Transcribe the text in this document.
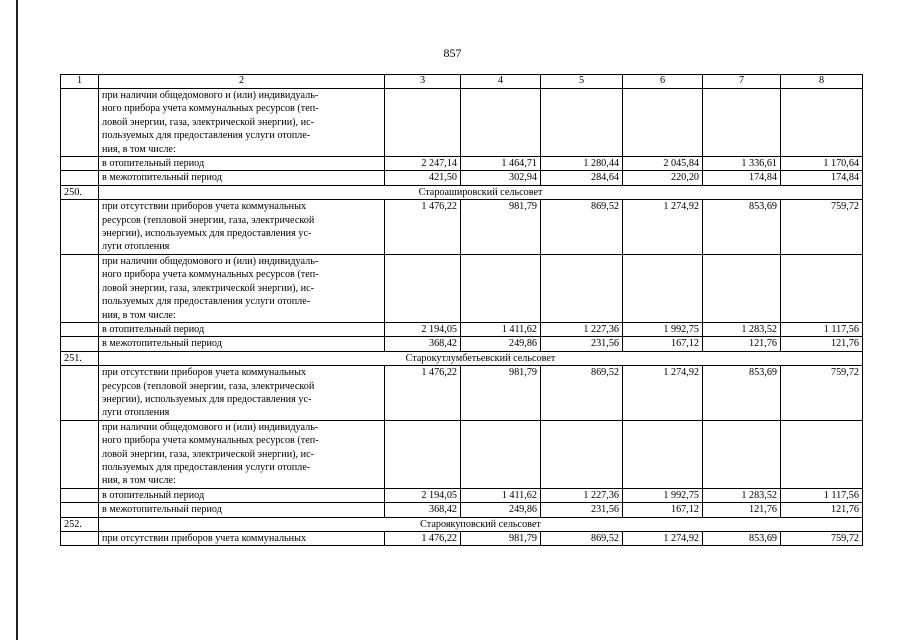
857
1	2	3	4	5	6	7	8

	при наличии общедомового и (или) индивидуаль-
ного прибора учета коммунальных ресурсов (теп-
ловой энергии, газа, электрической энергии), ис-
пользуемых для предоставления услуги отопле-
ния, в том числе:						

	в отопительный период	2 247,14	1 464,71	1 280,44	2 045,84	1 336,61	1 170,64
	в межотопительный период	421,50	302,94	284,64	220,20	174,84	174,84
250.	Староаширoвский сельсовет						

	при отсутствии приборов учета коммунальных
ресурсов (тепловой энергии, газа, электрической
энергии), используемых для предоставления ус-
луги отопления	1 476,22	981,79	869,52	1 274,92	853,69	759,72

	при наличии общедомового и (или) индивидуаль-
ного прибора учета коммунальных ресурсов (теп-
ловой энергии, газа, электрической энергии), ис-
пользуемых для предоставления услуги отопле-
ния, в том числе:						

	в отопительный период	2 194,05	1 411,62	1 227,36	1 992,75	1 283,52	1 117,56
	в межотопительный период	368,42	249,86	231,56	167,12	121,76	121,76
251.	Старокутлумбетьевский сельсовет						

	при отсутствии приборов учета коммунальных
ресурсов (тепловой энергии, газа, электрической
энергии), используемых для предоставления ус-
луги отопления	1 476,22	981,79	869,52	1 274,92	853,69	759,72

	при наличии общедомового и (или) индивидуаль-
ного прибора учета коммунальных ресурсов (теп-
ловой энергии, газа, электрической энергии), ис-
пользуемых для предоставления услуги отопле-
ния, в том числе:						

	в отопительный период	2 194,05	1 411,62	1 227,36	1 992,75	1 283,52	1 117,56
	в межотопительный период	368,42	249,86	231,56	167,12	121,76	121,76
252.	Староякуповский сельсовет						

	при отсутствии приборов учета коммунальных	1 476,22	981,79	869,52	1 274,92	853,69	759,72
